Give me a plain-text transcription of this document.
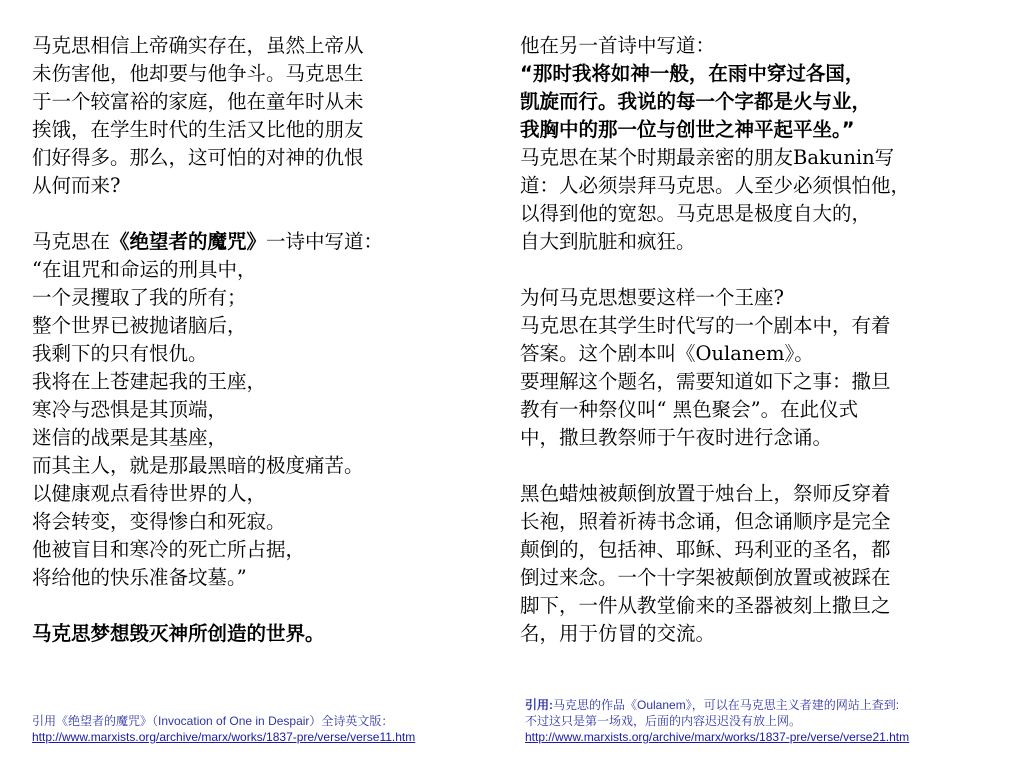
马克思相信上帝确实存在，虽然上帝从
未伤害他，他却要与他争斗。马克思生
于一个较富裕的家庭，他在童年时从未
挨饿，在学生时代的生活又比他的朋友
们好得多。那么，这可怕的对神的仇恨
从何而来?
马克思在《绝望者的魔咒》一诗中写道：
“在诅咒和命运的刑具中，
一个灵攫取了我的所有；
整个世界已被抛诸脑后，
我剩下的只有恨仇。
我将在上苍建起我的王座，
寒冷与恐惧是其顶端，
迷信的战栗是其基座，
而其主人，就是那最黑暗的极度痛苦。
以健康观点看待世界的人，
将会转变，变得惨白和死寂。
他被盲目和寒冷的死亡所占据，
将给他的快乐准备坟墓。”
马克思梦想毁灭神所创造的世界。
他在另一首诗中写道：
“那时我将如神一般，在雨中穿过各国，
凯旋而行。我说的每一个字都是火与业，
我胸中的那一位与创世之神平起平坐。”
马克思在某个时期最亲密的朋友Bakunin写
道：人必须崇拜马克思。人至少必须惧怕他，
以得到他的宽恕。马克思是极度自大的，
自大到肮脏和疯狂。
为何马克思想要这样一个王座?
马克思在其学生时代写的一个剧本中，有着
答案。这个剧本叫《Oulanem》。
要理解这个题名，需要知道如下之事：撒旦
教有一种祭仪叫“ 黑色聚会”。在此仪式
中，撒旦教祭师于午夜时进行念诵。
黑色蜡烛被颠倒放置于烛台上，祭师反穿着
长袍，照着祈祷书念诵，但念诵顺序是完全
颠倒的，包括神、耶稣、玛利亚的圣名，都
倒过来念。一个十字架被颠倒放置或被踩在
脚下，一件从教堂偷来的圣器被刻上撒旦之
名，用于仿冒的交流。
引用《绝望者的魔咒》（Invocation of One in Despair）全诗英文版：
http://www.marxists.org/archive/marx/works/1837-pre/verse/verse11.htm
引用:马克思的作品《Oulanem》，可以在马克思主义者建的网站上查到:
不过这只是第一场戏，后面的内容迟迟没有放上网。
http://www.marxists.org/archive/marx/works/1837-pre/verse/verse21.htm
